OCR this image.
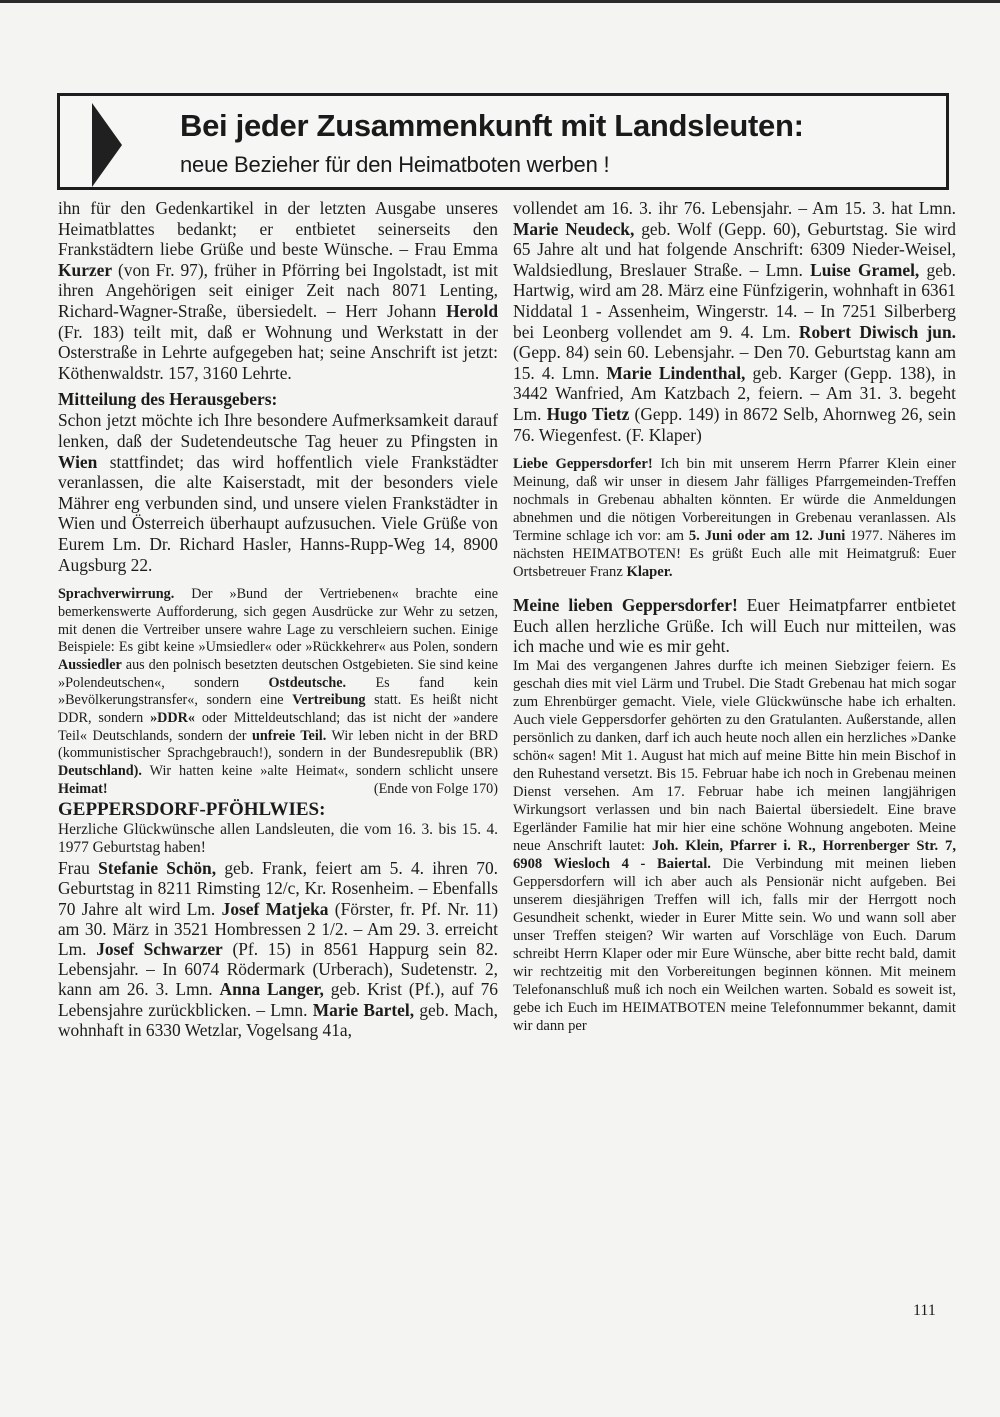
Bei jeder Zusammenkunft mit Landsleuten:
neue Bezieher für den Heimatboten werben !

ihn für den Gedenkartikel in der letzten Ausgabe unseres Heimatblattes bedankt; er entbietet seinerseits den Frankstädtern liebe Grüße und beste Wünsche. – Frau Emma Kurzer (von Fr. 97), früher in Pförring bei Ingolstadt, ist mit ihren Angehörigen seit einiger Zeit nach 8071 Lenting, Richard-Wagner-Straße, übersiedelt. – Herr Johann Herold (Fr. 183) teilt mit, daß er Wohnung und Werkstatt in der Osterstraße in Lehrte aufgegeben hat; seine Anschrift ist jetzt: Köthenwaldstr. 157, 3160 Lehrte.

Mitteilung des Herausgebers:

Schon jetzt möchte ich Ihre besondere Aufmerksamkeit darauf lenken, daß der Sudetendeutsche Tag heuer zu Pfingsten in Wien stattfindet; das wird hoffentlich viele Frankstädter veranlassen, die alte Kaiserstadt, mit der besonders viele Mährer eng verbunden sind, und unsere vielen Frankstädter in Wien und Österreich überhaupt aufzusuchen. Viele Grüße von Eurem Lm. Dr. Richard Hasler, Hanns-Rupp-Weg 14, 8900 Augsburg 22.

Sprachverwirrung. Der »Bund der Vertriebenen« brachte eine bemerkenswerte Aufforderung, sich gegen Ausdrücke zur Wehr zu setzen, mit denen die Vertreiber unsere wahre Lage zu verschleiern suchen. Einige Beispiele: Es gibt keine »Umsiedler« oder »Rückkehrer« aus Polen, sondern Aussiedler aus den polnisch besetzten deutschen Ostgebieten. Sie sind keine »Polendeutschen«, sondern Ostdeutsche. Es fand kein »Bevölkerungstransfer«, sondern eine Vertreibung statt. Es heißt nicht DDR, sondern »DDR« oder Mitteldeutschland; das ist nicht der »andere Teil« Deutschlands, sondern der unfreie Teil. Wir leben nicht in der BRD (kommunistischer Sprachgebrauch!), sondern in der Bundesrepublik (BR) Deutschland). Wir hatten keine »alte Heimat«, sondern schlicht unsere Heimat!	(Ende von Folge 170)

GEPPERSDORF-PFÖHLWIES:

Herzliche Glückwünsche allen Landsleuten, die vom 16. 3. bis 15. 4. 1977 Geburtstag haben!

Frau Stefanie Schön, geb. Frank, feiert am 5. 4. ihren 70. Geburtstag in 8211 Rimsting 12/c, Kr. Rosenheim. – Ebenfalls 70 Jahre alt wird Lm. Josef Matjeka (Förster, fr. Pf. Nr. 11) am 30. März in 3521 Hombressen 2 1/2. – Am 29. 3. erreicht Lm. Josef Schwarzer (Pf. 15) in 8561 Happurg sein 82. Lebensjahr. – In 6074 Rödermark (Urberach), Sudetenstr. 2, kann am 26. 3. Lmn. Anna Langer, geb. Krist (Pf.), auf 76 Lebensjahre zurückblicken. – Lmn. Marie Bartel, geb. Mach, wohnhaft in 6330 Wetzlar, Vogelsang 41a,

vollendet am 16. 3. ihr 76. Lebensjahr. – Am 15. 3. hat Lmn. Marie Neudeck, geb. Wolf (Gepp. 60), Geburtstag. Sie wird 65 Jahre alt und hat folgende Anschrift: 6309 Nieder-Weisel, Waldsiedlung, Breslauer Straße. – Lmn. Luise Gramel, geb. Hartwig, wird am 28. März eine Fünfzigerin, wohnhaft in 6361 Niddatal 1 - Assenheim, Wingerstr. 14. – In 7251 Silberberg bei Leonberg vollendet am 9. 4. Lm. Robert Diwisch jun. (Gepp. 84) sein 60. Lebensjahr. – Den 70. Geburtstag kann am 15. 4. Lmn. Marie Lindenthal, geb. Karger (Gepp. 138), in 3442 Wanfried, Am Katzbach 2, feiern. – Am 31. 3. begeht Lm. Hugo Tietz (Gepp. 149) in 8672 Selb, Ahornweg 26, sein 76. Wiegenfest. (F. Klaper)

Liebe Geppersdorfer! Ich bin mit unserem Herrn Pfarrer Klein einer Meinung, daß wir unser in diesem Jahr fälliges Pfarrgemeinden-Treffen nochmals in Grebenau abhalten könnten. Er würde die Anmeldungen abnehmen und die nötigen Vorbereitungen in Grebenau veranlassen. Als Termine schlage ich vor: am 5. Juni oder am 12. Juni 1977. Näheres im nächsten HEIMATBOTEN! Es grüßt Euch alle mit Heimatgruß: Euer Ortsbetreuer Franz Klaper.

Meine lieben Geppersdorfer! Euer Heimatpfarrer entbietet Euch allen herzliche Grüße. Ich will Euch nur mitteilen, was ich mache und wie es mir geht.

Im Mai des vergangenen Jahres durfte ich meinen Siebziger feiern. Es geschah dies mit viel Lärm und Trubel. Die Stadt Grebenau hat mich sogar zum Ehrenbürger gemacht. Viele, viele Glückwünsche habe ich erhalten. Auch viele Geppersdorfer gehörten zu den Gratulanten. Außerstande, allen persönlich zu danken, darf ich auch heute noch allen ein herzliches »Danke schön« sagen! Mit 1. August hat mich auf meine Bitte hin mein Bischof in den Ruhestand versetzt. Bis 15. Februar habe ich noch in Grebenau meinen Dienst versehen. Am 17. Februar habe ich meinen langjährigen Wirkungsort verlassen und bin nach Baiertal übersiedelt. Eine brave Egerländer Familie hat mir hier eine schöne Wohnung angeboten. Meine neue Anschrift lautet: Joh. Klein, Pfarrer i. R., Horrenberger Str. 7, 6908 Wiesloch 4 - Baiertal. Die Verbindung mit meinen lieben Geppersdorfern will ich aber auch als Pensionär nicht aufgeben. Bei unserem diesjährigen Treffen will ich, falls mir der Herrgott noch Gesundheit schenkt, wieder in Eurer Mitte sein. Wo und wann soll aber unser Treffen steigen? Wir warten auf Vorschläge von Euch. Darum schreibt Herrn Klaper oder mir Eure Wünsche, aber bitte recht bald, damit wir rechtzeitig mit den Vorbereitungen beginnen können. Mit meinem Telefonanschluß muß ich noch ein Weilchen warten. Sobald es soweit ist, gebe ich Euch im HEIMATBOTEN meine Telefonnummer bekannt, damit wir dann per

111
